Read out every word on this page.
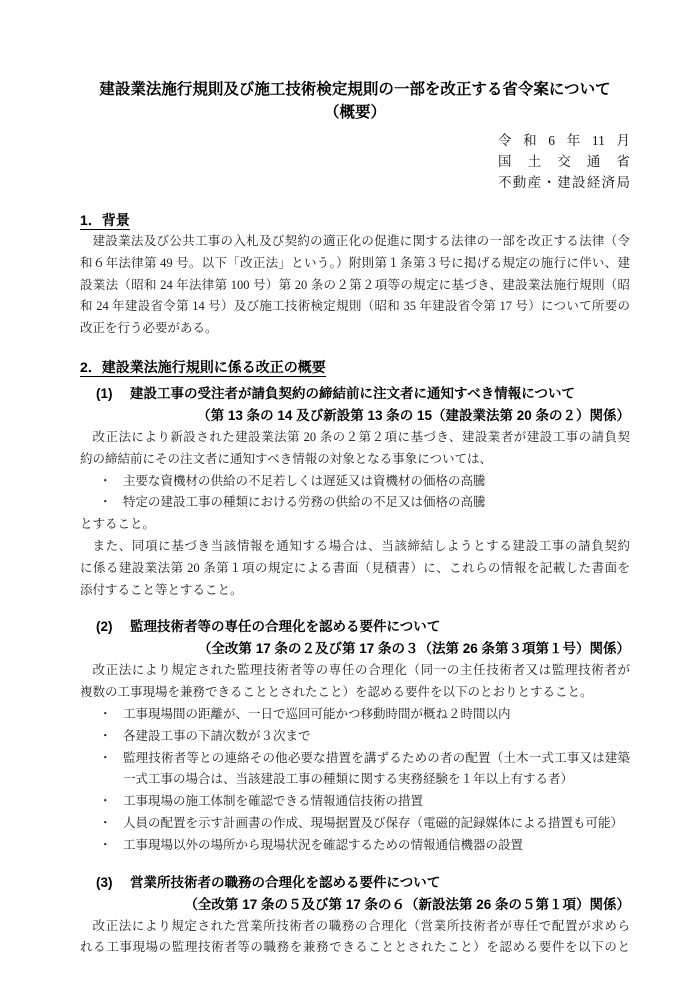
建設業法施行規則及び施工技術検定規則の一部を改正する省令案について
（概要）
令和6年11月
国土交通省
不動産・建設経済局
1．背景
建設業法及び公共工事の入札及び契約の適正化の促進に関する法律の一部を改正する法律（令
和６年法律第 49 号。以下「改正法」という。）附則第１条第３号に掲げる規定の施行に伴い、建
設業法（昭和 24 年法律第 100 号）第 20 条の２第２項等の規定に基づき、建設業法施行規則（昭
和 24 年建設省令第 14 号）及び施工技術検定規則（昭和 35 年建設省令第 17 号）について所要の
改正を行う必要がある。
2．建設業法施行規則に係る改正の概要
(1)	建設工事の受注者が請負契約の締結前に注文者に通知すべき情報について
（第 13 条の 14 及び新設第 13 条の 15（建設業法第 20 条の２）関係）
改正法により新設された建設業法第 20 条の２第２項に基づき、建設業者が建設工事の請負契
約の締結前にその注文者に通知すべき情報の対象となる事象については、
・ 主要な資機材の供給の不足若しくは遅延又は資機材の価格の高騰
・ 特定の建設工事の種類における労務の供給の不足又は価格の高騰
とすること。
また、同項に基づき当該情報を通知する場合は、当該締結しようとする建設工事の請負契約
に係る建設業法第 20 条第１項の規定による書面（見積書）に、これらの情報を記載した書面を
添付すること等とすること。
(2)	監理技術者等の専任の合理化を認める要件について
（全改第 17 条の２及び第 17 条の３（法第 26 条第３項第１号）関係）
改正法により規定された監理技術者等の専任の合理化（同一の主任技術者又は監理技術者が
複数の工事現場を兼務できることとされたこと）を認める要件を以下のとおりとすること。
・ 工事現場間の距離が、一日で巡回可能かつ移動時間が概ね２時間以内
・ 各建設工事の下請次数が３次まで
・ 監理技術者等との連絡その他必要な措置を講ずるための者の配置（土木一式工事又は建築
一式工事の場合は、当該建設工事の種類に関する実務経験を１年以上有する者）
・ 工事現場の施工体制を確認できる情報通信技術の措置
・ 人員の配置を示す計画書の作成、現場据置及び保存（電磁的記録媒体による措置も可能）
・ 工事現場以外の場所から現場状況を確認するための情報通信機器の設置
(3)	営業所技術者の職務の合理化を認める要件について
（全改第 17 条の５及び第 17 条の６（新設法第 26 条の５第１項）関係）
改正法により規定された営業所技術者の職務の合理化（営業所技術者が専任で配置が求めら
れる工事現場の監理技術者等の職務を兼務できることとされたこと）を認める要件を以下のと
